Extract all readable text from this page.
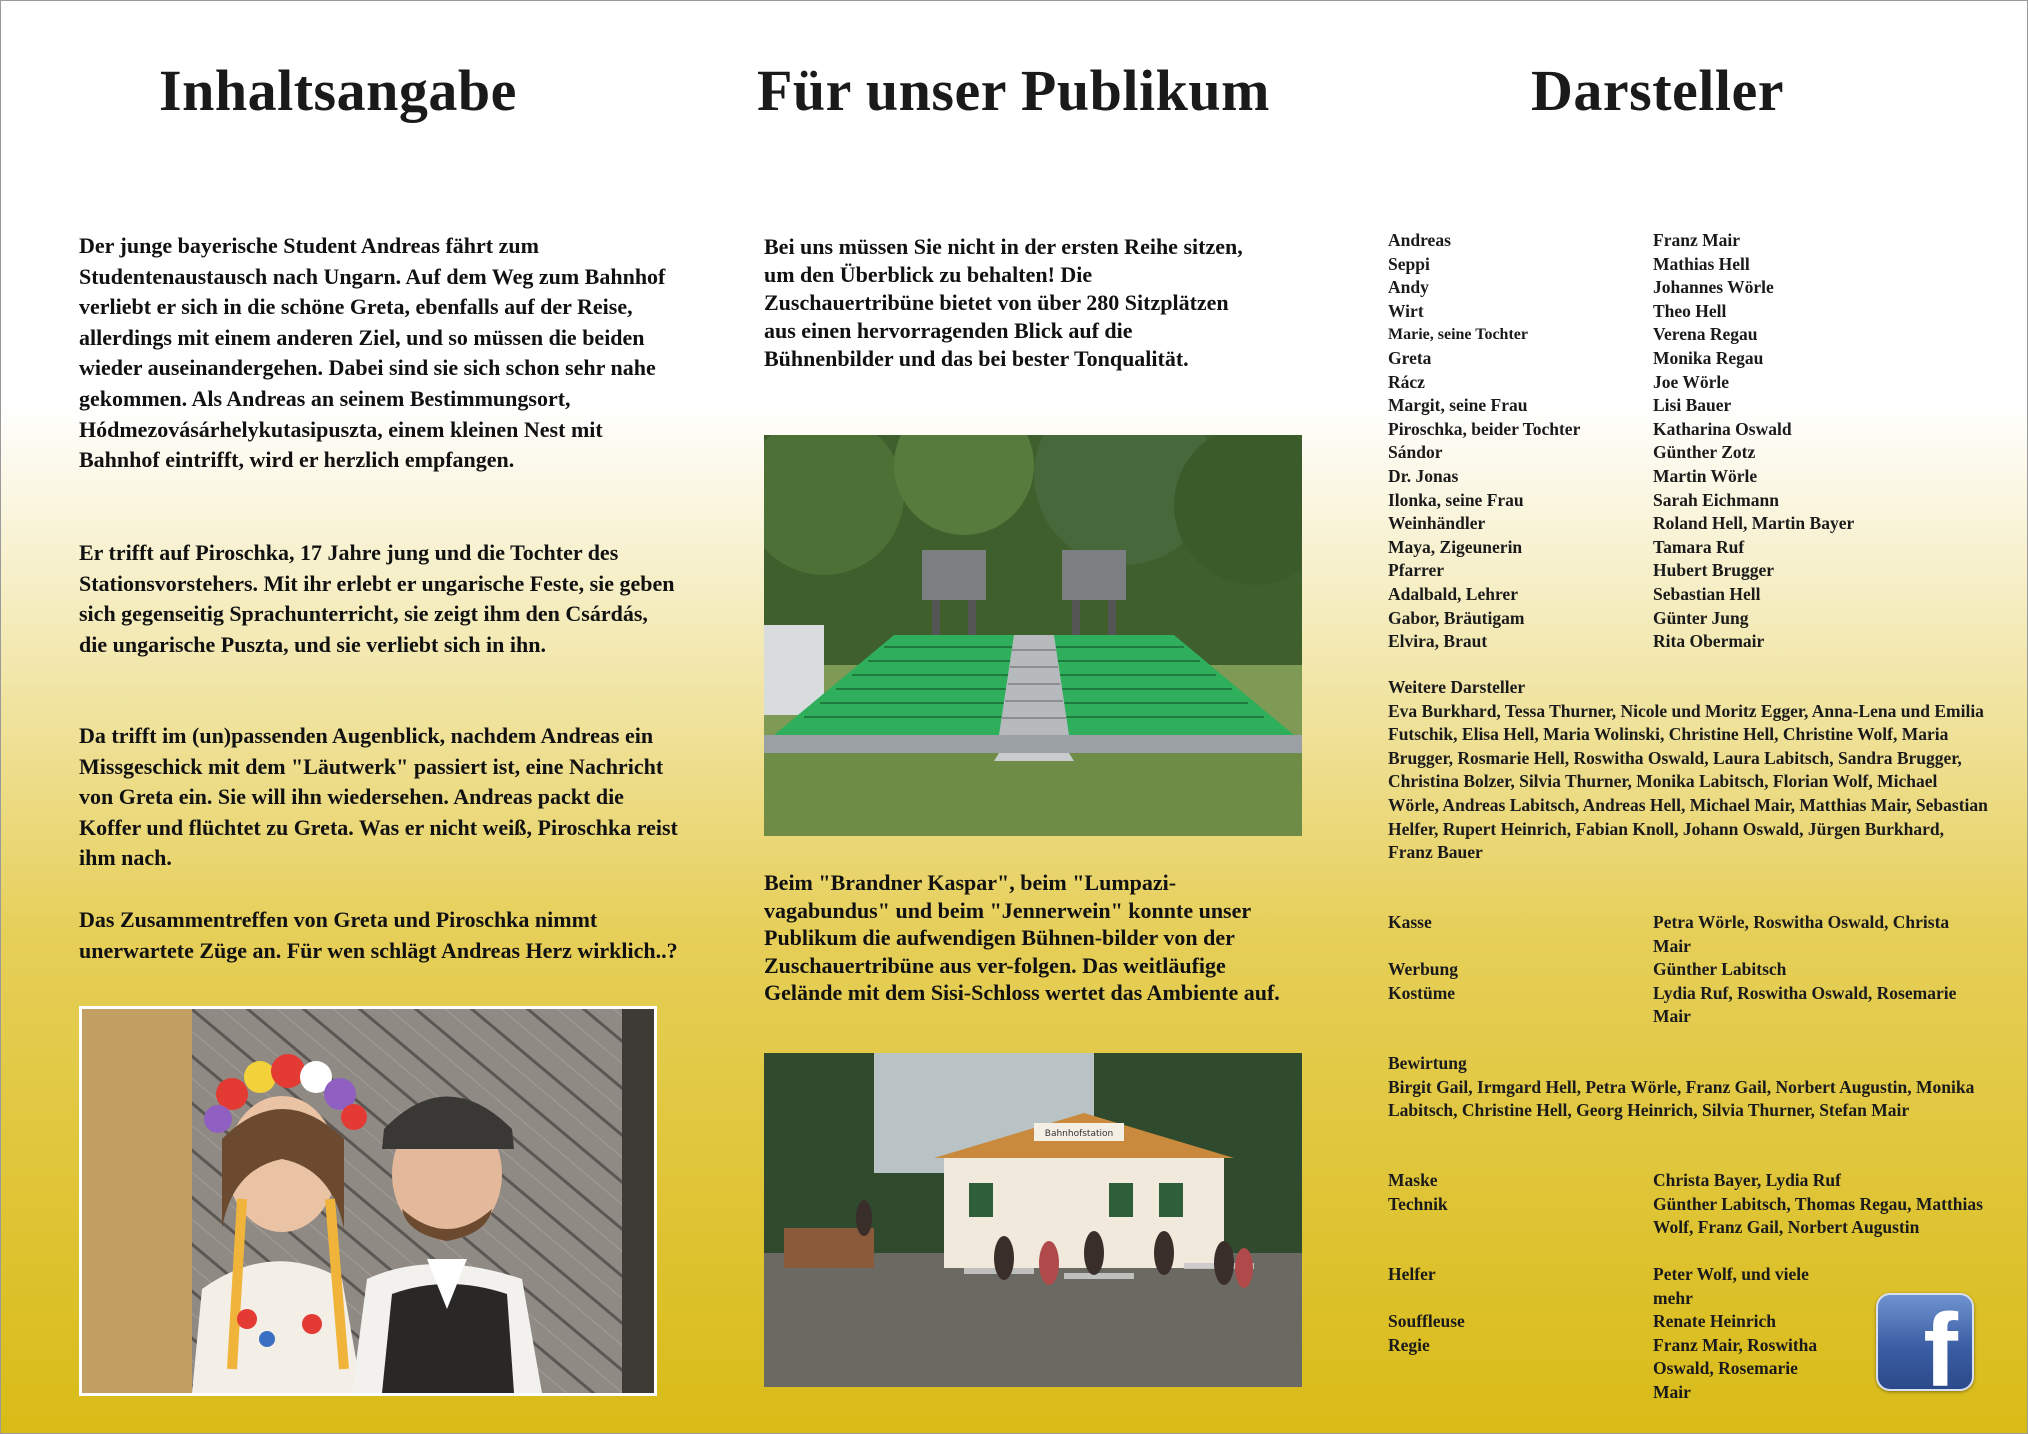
Inhaltsangabe

Der junge bayerische Student Andreas fährt zum Studentenaustausch nach Ungarn. Auf dem Weg zum Bahnhof verliebt er sich in die schöne Greta, ebenfalls auf der Reise, allerdings mit einem anderen Ziel, und so müssen die beiden wieder auseinandergehen. Dabei sind sie sich schon sehr nahe gekommen. Als Andreas an seinem Bestimmungsort, Hódmezovásárhelykutasipuszta, einem kleinen Nest mit Bahnhof eintrifft, wird er herzlich empfangen.

Er trifft auf Piroschka, 17 Jahre jung und die Tochter des Stationsvorstehers. Mit ihr erlebt er ungarische Feste, sie geben sich gegenseitig Sprachunterricht, sie zeigt ihm den Csárdás, die ungarische Puszta, und sie verliebt sich in ihn.

Da trifft im (un)passenden Augenblick, nachdem Andreas ein Missgeschick mit dem "Läutwerk" passiert ist, eine Nachricht von Greta ein. Sie will ihn wiedersehen. Andreas packt die Koffer und flüchtet zu Greta. Was er nicht weiß, Piroschka reist ihm nach.

Das Zusammentreffen von Greta und Piroschka nimmt unerwartete Züge an. Für wen schlägt Andreas Herz wirklich..?

Für unser Publikum

Bei uns müssen Sie nicht in der ersten Reihe sitzen, um den Überblick zu behalten! Die Zuschauertribüne bietet von über 280 Sitzplätzen aus einen hervorragenden Blick auf die Bühnenbilder und das bei bester Tonqualität.

Beim "Brandner Kaspar", beim "Lumpazi-vagabundus" und beim "Jennerwein" konnte unser Publikum die aufwendigen Bühnen-bilder von der Zuschauertribüne aus ver-folgen. Das weitläufige Gelände mit dem Sisi-Schloss wertet das Ambiente auf.

Bahnhofstation
Darsteller
Andreas	Franz Mair
Seppi	Mathias Hell
Andy	Johannes Wörle
Wirt	Theo Hell
Marie, seine Tochter	Verena Regau
Greta	Monika Regau
Rácz	Joe Wörle
Margit, seine Frau	Lisi Bauer
Piroschka, beider Tochter	Katharina Oswald
Sándor	Günther Zotz
Dr. Jonas	Martin Wörle
Ilonka, seine Frau	Sarah Eichmann
Weinhändler	Roland Hell, Martin Bayer
Maya, Zigeunerin	Tamara Ruf
Pfarrer	Hubert Brugger
Adalbald, Lehrer	Sebastian Hell
Gabor, Bräutigam	Günter Jung
Elvira, Braut	Rita Obermair
Weitere Darsteller
Eva Burkhard, Tessa Thurner, Nicole und Moritz Egger, Anna-Lena und Emilia Futschik, Elisa Hell, Maria Wolinski, Christine Hell, Christine Wolf, Maria Brugger, Rosmarie Hell, Roswitha Oswald, Laura Labitsch, Sandra Brugger, Christina Bolzer, Silvia Thurner, Monika Labitsch, Florian Wolf, Michael Wörle, Andreas Labitsch, Andreas Hell, Michael Mair, Matthias Mair, Sebastian Helfer, Rupert Heinrich, Fabian Knoll, Johann Oswald, Jürgen Burkhard, Franz Bauer
Kasse	Petra Wörle, Roswitha Oswald, Christa Mair
Werbung	Günther Labitsch
Kostüme	Lydia Ruf, Roswitha Oswald, Rosemarie Mair
Bewirtung
Birgit Gail, Irmgard Hell, Petra Wörle, Franz Gail, Norbert Augustin, Monika Labitsch, Christine Hell, Georg Heinrich, Silvia Thurner, Stefan Mair
Maske	Christa Bayer, Lydia Ruf
Technik	Günther Labitsch, Thomas Regau, Matthias Wolf, Franz Gail, Norbert Augustin
Helfer	Peter Wolf, und viele mehr
Souffleuse	Renate Heinrich
Regie	Franz Mair, Roswitha Oswald, Rosemarie Mair	f
